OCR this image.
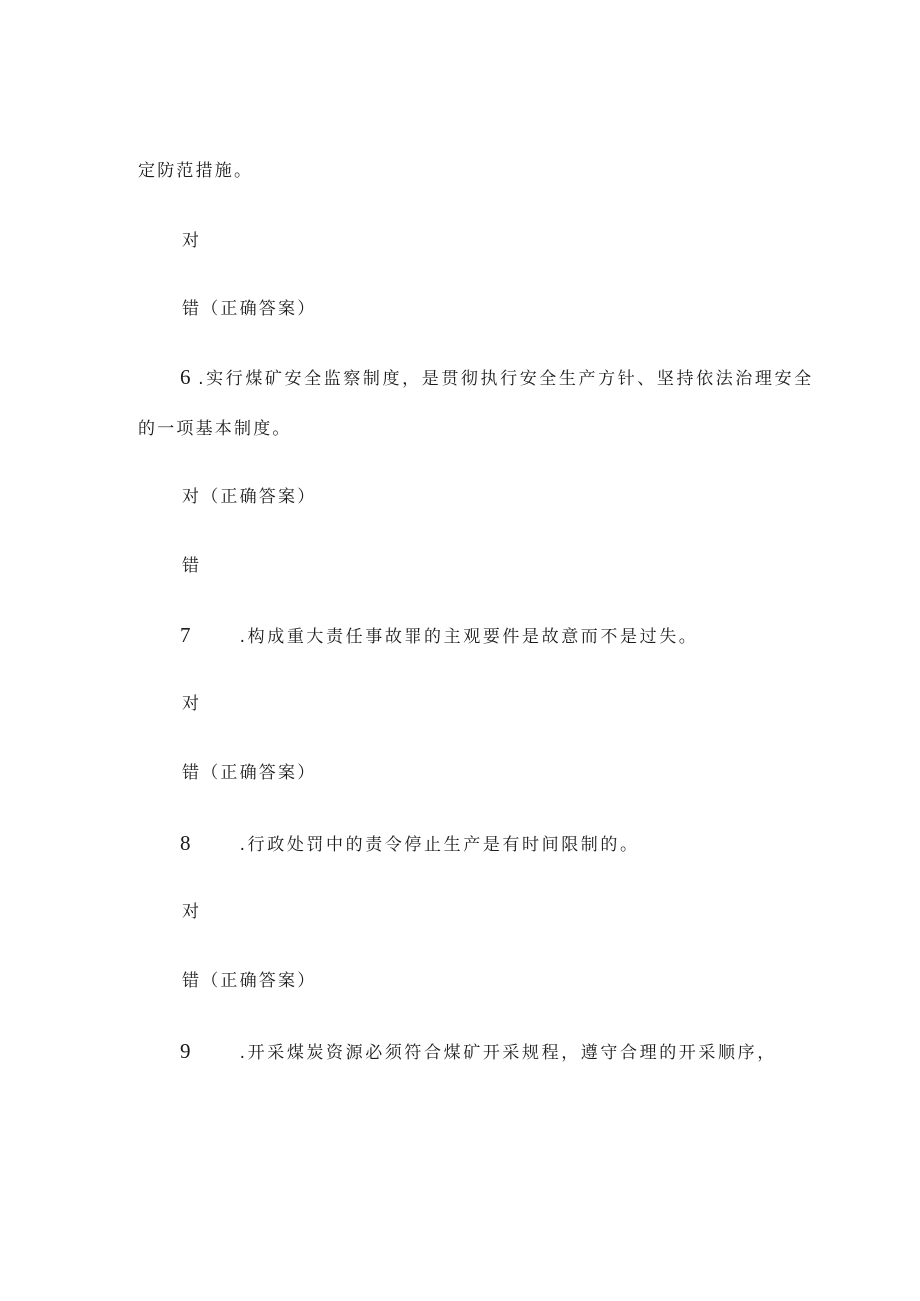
定防范措施。
对
错（正确答案）
6 .实行煤矿安全监察制度，是贯彻执行安全生产方针、坚持依法治理安全
的一项基本制度。
对（正确答案）
错
7	.构成重大责任事故罪的主观要件是故意而不是过失。
对
错（正确答案）
8	.行政处罚中的责令停止生产是有时间限制的。
对
错（正确答案）
9	.开采煤炭资源必须符合煤矿开采规程，遵守合理的开采顺序，
